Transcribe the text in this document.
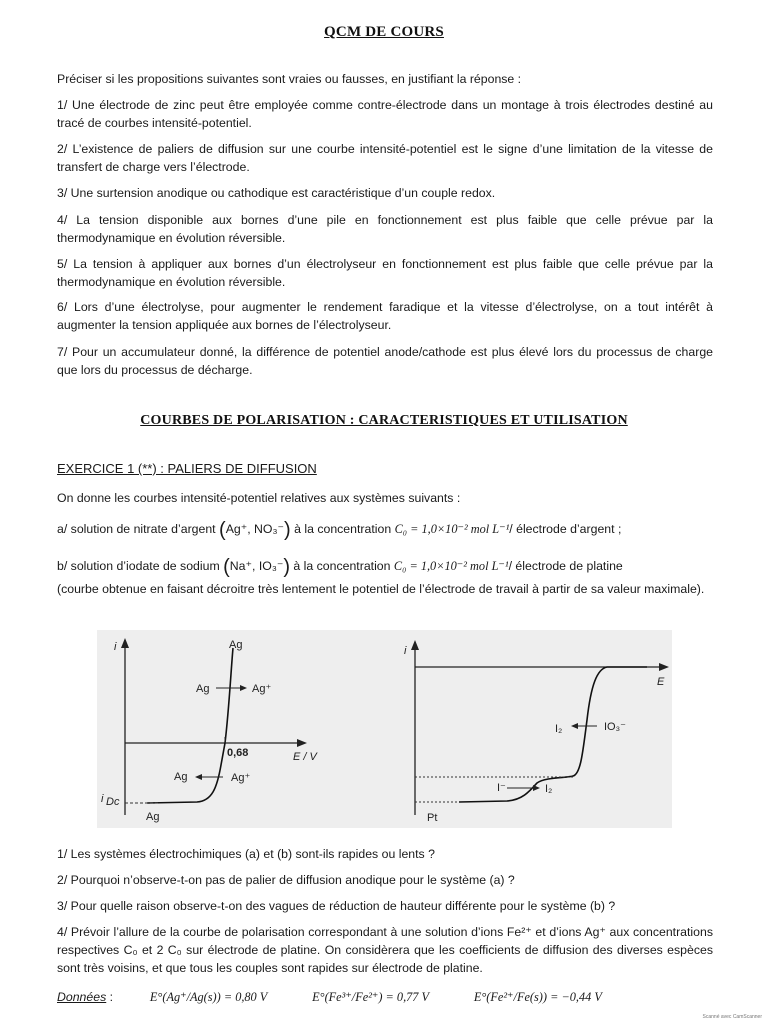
QCM DE COURS
Préciser si les propositions suivantes sont vraies ou fausses, en justifiant la réponse :
1/ Une électrode de zinc peut être employée comme contre-électrode dans un montage à trois électrodes destiné au tracé de courbes intensité-potentiel.
2/ L’existence de paliers de diffusion sur une courbe intensité-potentiel est le signe d’une limitation de la vitesse de transfert de charge vers l’électrode.
3/ Une surtension anodique ou cathodique est caractéristique d’un couple redox.
4/ La tension disponible aux bornes d’une pile en fonctionnement est plus faible que celle prévue par la thermodynamique en évolution réversible.
5/ La tension à appliquer aux bornes d’un électrolyseur en fonctionnement est plus faible que celle prévue par la thermodynamique en évolution réversible.
6/ Lors d’une électrolyse, pour augmenter le rendement faradique et la vitesse d’électrolyse, on a tout intérêt à augmenter la tension appliquée aux bornes de l’électrolyseur.
7/ Pour un accumulateur donné, la différence de potentiel anode/cathode est plus élevé lors du processus de charge que lors du processus de décharge.
COURBES DE POLARISATION : CARACTERISTIQUES ET UTILISATION
EXERCICE 1 (**) : PALIERS DE DIFFUSION
On donne les courbes intensité-potentiel relatives aux systèmes suivants :
a/ solution de nitrate d’argent (Ag⁺, NO₃⁻) à la concentration C₀ = 1,0×10⁻² mol L⁻¹/ électrode d’argent ;
b/ solution d’iodate de sodium (Na⁺, IO₃⁻) à la concentration C₀ = 1,0×10⁻² mol L⁻¹/ électrode de platine
(courbe obtenue en faisant décroitre très lentement le potentiel de l’électrode de travail à partir de sa valeur maximale).
i
E / V
0,68
Ag
Ag	Ag⁺
Ag	Ag⁺
i Dc
Ag
i
E
I₂	IO₃⁻
I⁻	I₂
Pt
1/ Les systèmes électrochimiques (a) et (b) sont-ils rapides ou lents ?
2/ Pourquoi n’observe-t-on pas de palier de diffusion anodique pour le système (a) ?
3/ Pour quelle raison observe-t-on des vagues de réduction de hauteur différente pour le système (b) ?
4/ Prévoir l’allure de la courbe de polarisation correspondant à une solution d’ions Fe²⁺ et d’ions Ag⁺ aux concentrations respectives C₀ et 2 C₀ sur électrode de platine. On considèrera que les coefficients de diffusion des diverses espèces sont très voisins, et que tous les couples sont rapides sur électrode de platine.
Données :	E°(Ag⁺/Ag(s)) = 0,80 V	E°(Fe³⁺/Fe²⁺) = 0,77 V	E°(Fe²⁺/Fe(s)) = −0,44 V
Scanné avec CamScanner
